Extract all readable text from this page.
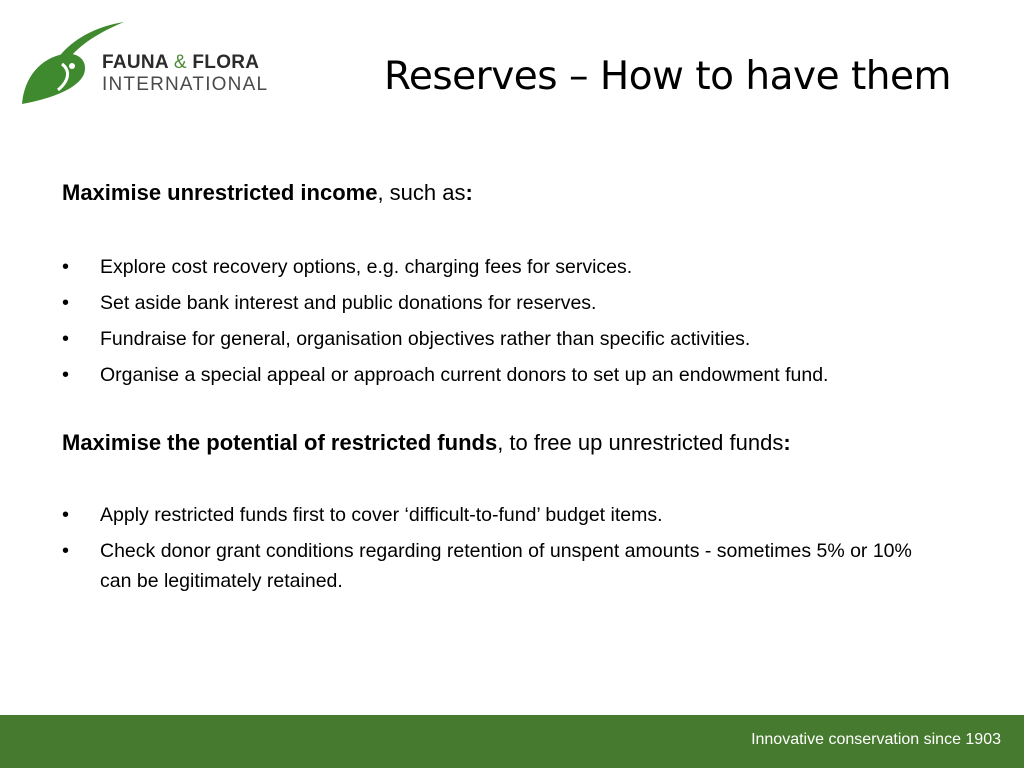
FAUNA & FLORA
INTERNATIONAL	Reserves – How to have them

Maximise unrestricted income, such as:

• Explore cost recovery options, e.g. charging fees for services.
• Set aside bank interest and public donations for reserves.
• Fundraise for general, organisation objectives rather than specific activities.
• Organise a special appeal or approach current donors to set up an endowment fund.

Maximise the potential of restricted funds, to free up unrestricted funds:

• Apply restricted funds first to cover ‘difficult-to-fund’ budget items.
• Check donor grant conditions regarding retention of unspent amounts - sometimes 5% or 10% can be legitimately retained.
Innovative conservation since 1903
